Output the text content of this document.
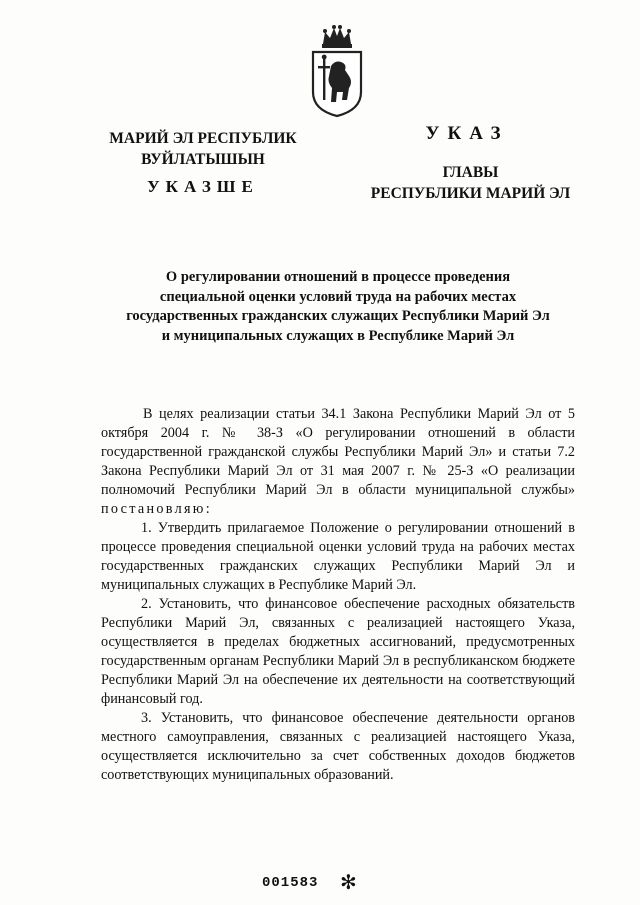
МАРИЙ ЭЛ РЕСПУБЛИК
ВУЙЛАТЫШЫН
УКАЗШЕ
УКАЗ
ГЛАВЫ
РЕСПУБЛИКИ МАРИЙ ЭЛ
О регулировании отношений в процессе проведения
специальной оценки условий труда на рабочих местах
государственных гражданских служащих Республики Марий Эл
и муниципальных служащих в Республике Марий Эл

В целях реализации статьи 34.1 Закона Республики Марий Эл от 5 октября 2004 г. № 38-З «О регулировании отношений в области государственной гражданской службы Республики Марий Эл» и статьи 7.2 Закона Республики Марий Эл от 31 мая 2007 г. № 25-З «О реализации полномочий Республики Марий Эл в области муниципальной службы» постановляю:

1. Утвердить прилагаемое Положение о регулировании отношений в процессе проведения специальной оценки условий труда на рабочих местах государственных гражданских служащих Республики Марий Эл и муниципальных служащих в Республике Марий Эл.

2. Установить, что финансовое обеспечение расходных обязательств Республики Марий Эл, связанных с реализацией настоящего Указа, осуществляется в пределах бюджетных ассигнований, предусмотренных государственным органам Республики Марий Эл в республиканском бюджете Республики Марий Эл на обеспечение их деятельности на соответствующий финансовый год.

3. Установить, что финансовое обеспечение деятельности органов местного самоуправления, связанных с реализацией настоящего Указа, осуществляется исключительно за счет собственных доходов бюджетов соответствующих муниципальных образований.

001583 ✻
